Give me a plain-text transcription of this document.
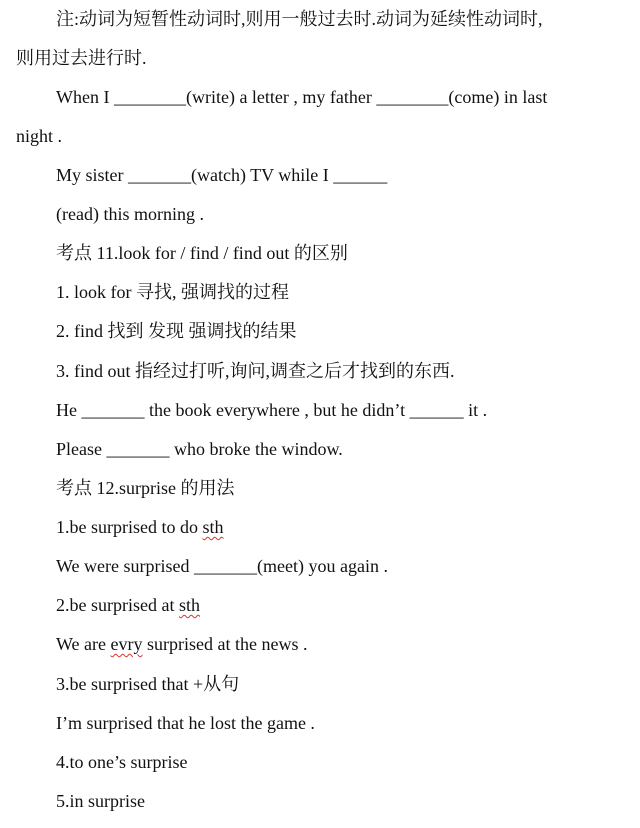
注:动词为短暂性动词时,则用一般过去时.动词为延续性动词时,
则用过去进行时.
When I ________(write) a letter , my father ________(come) in last
night .
My sister _______(watch) TV while I ______
(read) this morning .
考点 11.look for / find / find out 的区别
1. look for 寻找, 强调找的过程
2. find 找到 发现 强调找的结果
3. find out 指经过打听,询问,调查之后才找到的东西.
He _______ the book everywhere , but he didn’t ______ it .
Please _______ who broke the window.
考点 12.surprise 的用法
1.be surprised to do sth
We were surprised _______(meet) you again .
2.be surprised at sth
We are evry surprised at the news .
3.be surprised that +从句
I’m surprised that he lost the game .
4.to one’s surprise
5.in surprise
